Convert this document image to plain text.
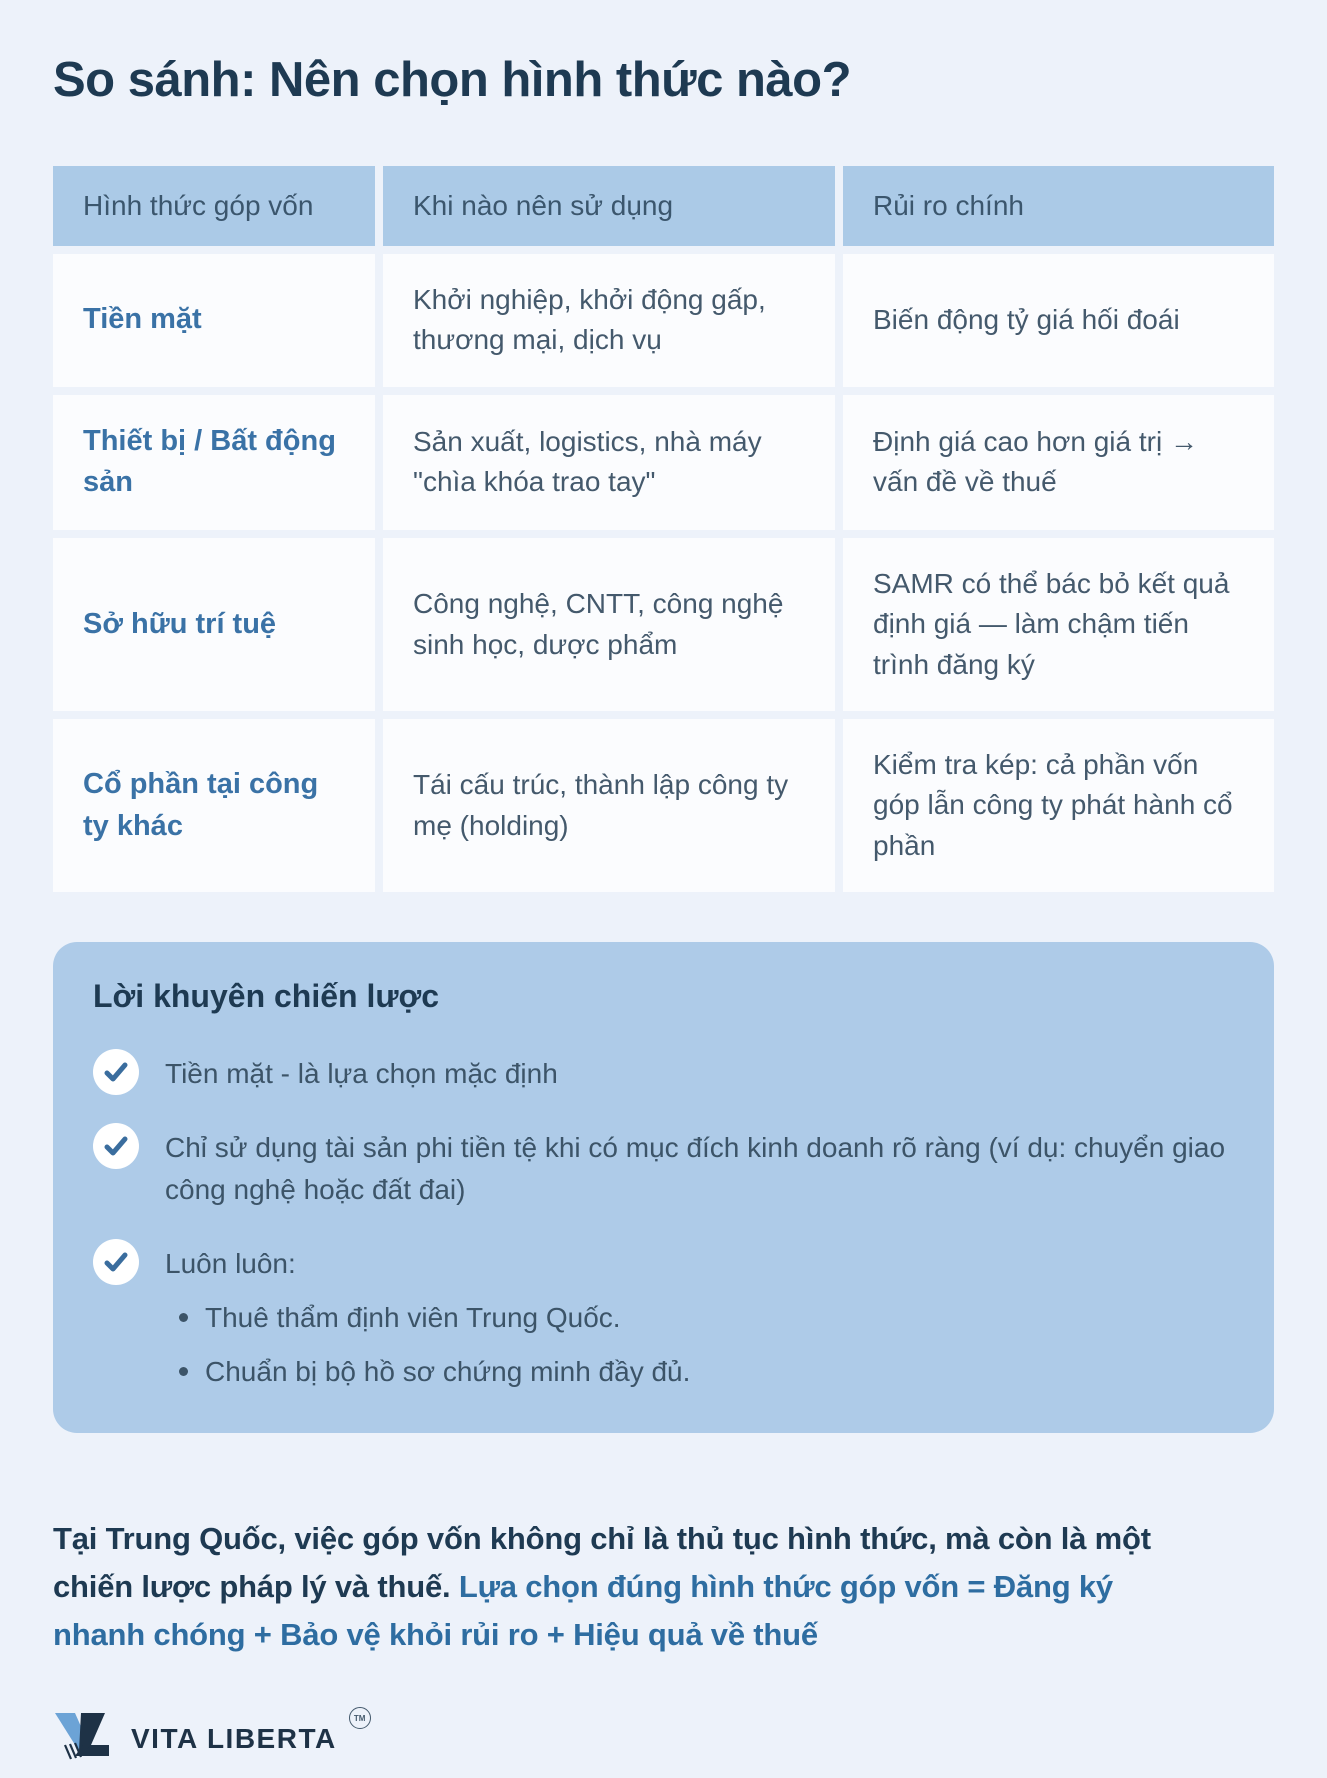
So sánh: Nên chọn hình thức nào?
Hình thức góp vốn	Khi nào nên sử dụng	Rủi ro chính
Tiền mặt
Khởi nghiệp, khởi động gấp, thương mại, dịch vụ
Biến động tỷ giá hối đoái
Thiết bị / Bất động sản
Sản xuất, logistics, nhà máy "chìa khóa trao tay"
Định giá cao hơn giá trị → vấn đề về thuế
Sở hữu trí tuệ
Công nghệ, CNTT, công nghệ sinh học, dược phẩm
SAMR có thể bác bỏ kết quả định giá — làm chậm tiến trình đăng ký
Cổ phần tại công ty khác
Tái cấu trúc, thành lập công ty mẹ (holding)
Kiểm tra kép: cả phần vốn góp lẫn công ty phát hành cổ phần
Lời khuyên chiến lược

Tiền mặt - là lựa chọn mặc định

Chỉ sử dụng tài sản phi tiền tệ khi có mục đích kinh doanh rõ ràng (ví dụ: chuyển giao công nghệ hoặc đất đai)

Luôn luôn:

Thuê thẩm định viên Trung Quốc.
Chuẩn bị bộ hồ sơ chứng minh đầy đủ.

Tại Trung Quốc, việc góp vốn không chỉ là thủ tục hình thức, mà còn là một chiến lược pháp lý và thuế. Lựa chọn đúng hình thức góp vốn = Đăng ký nhanh chóng + Bảo vệ khỏi rủi ro + Hiệu quả về thuế

VITA LIBERTA
TM
